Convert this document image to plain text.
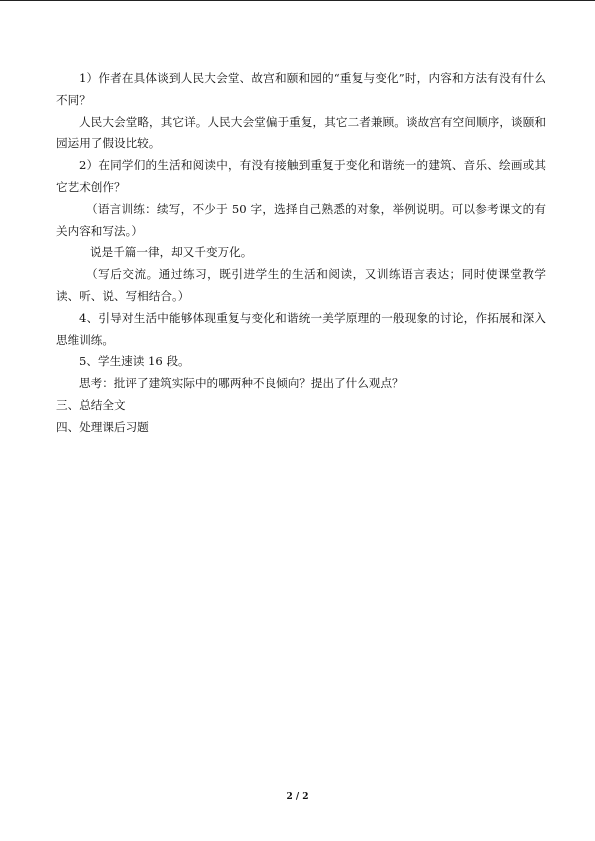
1）作者在具体谈到人民大会堂、故宫和颐和园的“重复与变化”时，内容和方法有没有什么不同？

人民大会堂略，其它详。人民大会堂偏于重复，其它二者兼顾。谈故宫有空间顺序，谈颐和园运用了假设比较。

2）在同学们的生活和阅读中，有没有接触到重复于变化和谐统一的建筑、音乐、绘画或其它艺术创作？

（语言训练：续写，不少于 50 字，选择自己熟悉的对象，举例说明。可以参考课文的有关内容和写法。）

说是千篇一律，却又千变万化。

（写后交流。通过练习，既引进学生的生活和阅读，又训练语言表达；同时使课堂教学读、听、说、写相结合。）

4、引导对生活中能够体现重复与变化和谐统一美学原理的一般现象的讨论，作拓展和深入思维训练。

5、学生速读 16 段。

思考：批评了建筑实际中的哪两种不良倾向？提出了什么观点？

三、总结全文

四、处理课后习题

2 / 2
